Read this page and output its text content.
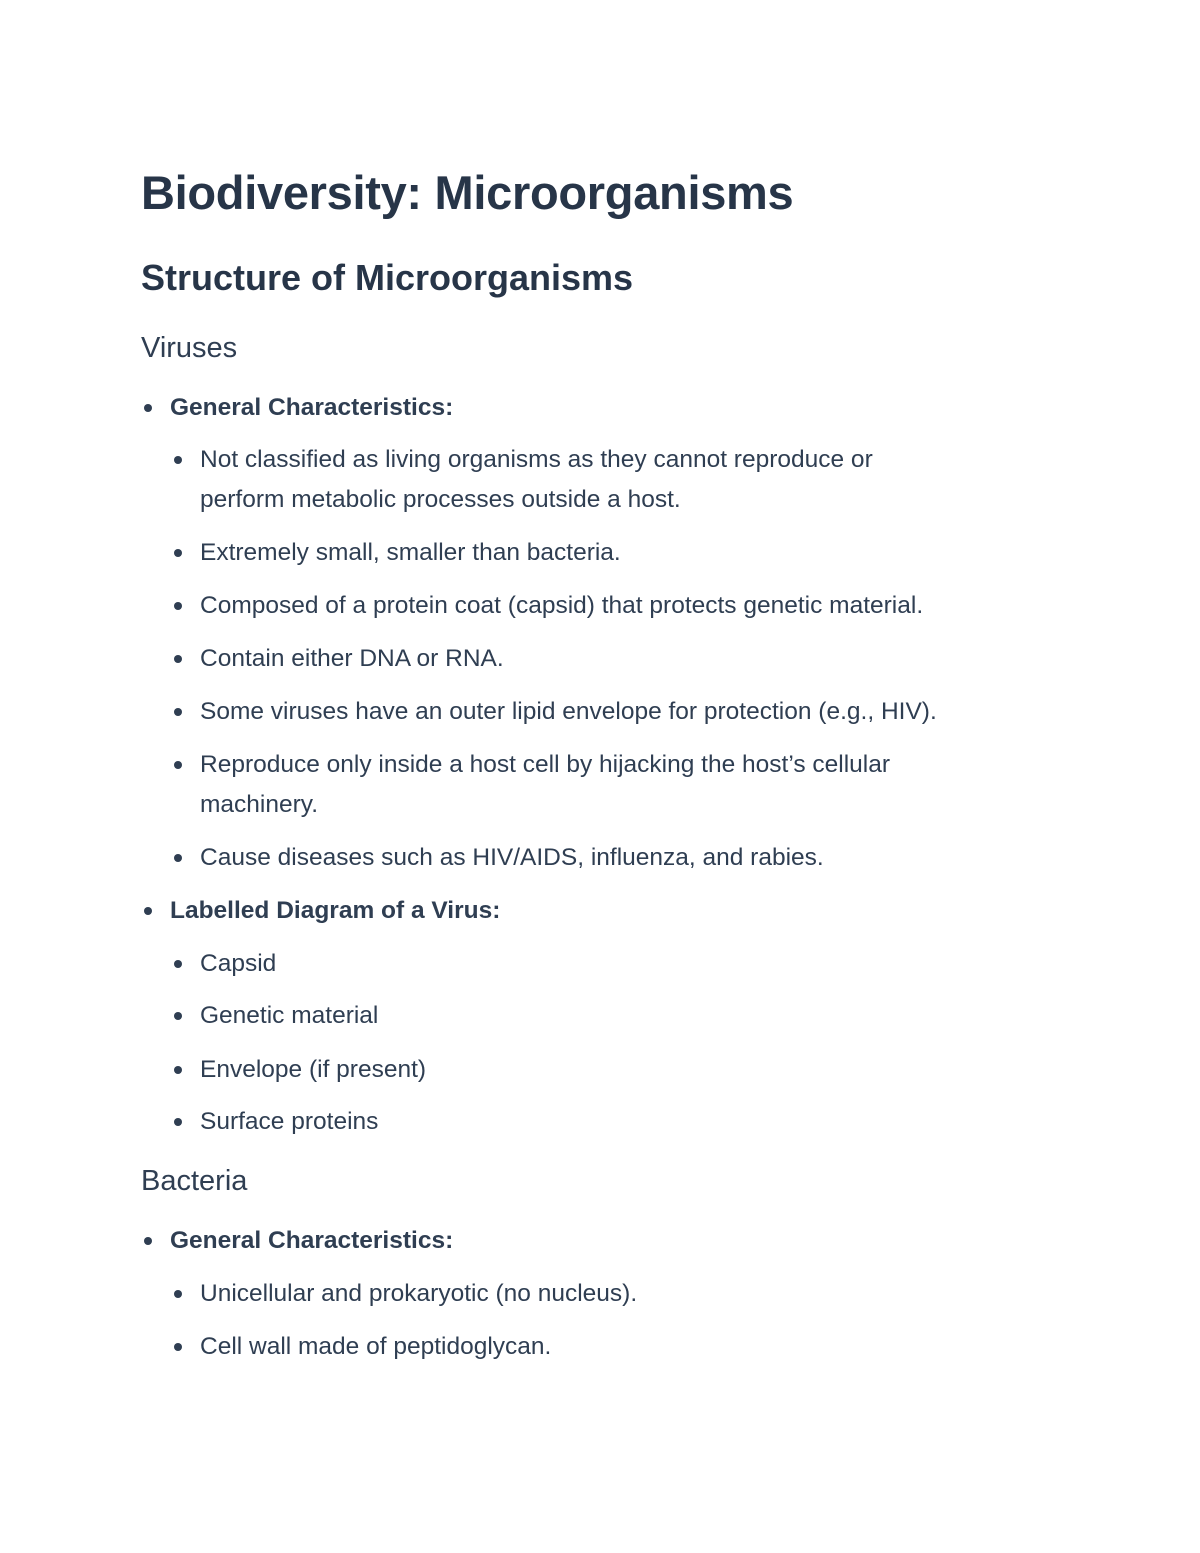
Biodiversity: Microorganisms
Structure of Microorganisms
Viruses
General Characteristics:
Not classified as living organisms as they cannot reproduce or
perform metabolic processes outside a host.
Extremely small, smaller than bacteria.
Composed of a protein coat (capsid) that protects genetic material.
Contain either DNA or RNA.
Some viruses have an outer lipid envelope for protection (e.g., HIV).
Reproduce only inside a host cell by hijacking the host’s cellular
machinery.
Cause diseases such as HIV/AIDS, influenza, and rabies.
Labelled Diagram of a Virus:
Capsid
Genetic material
Envelope (if present)
Surface proteins
Bacteria
General Characteristics:
Unicellular and prokaryotic (no nucleus).
Cell wall made of peptidoglycan.
